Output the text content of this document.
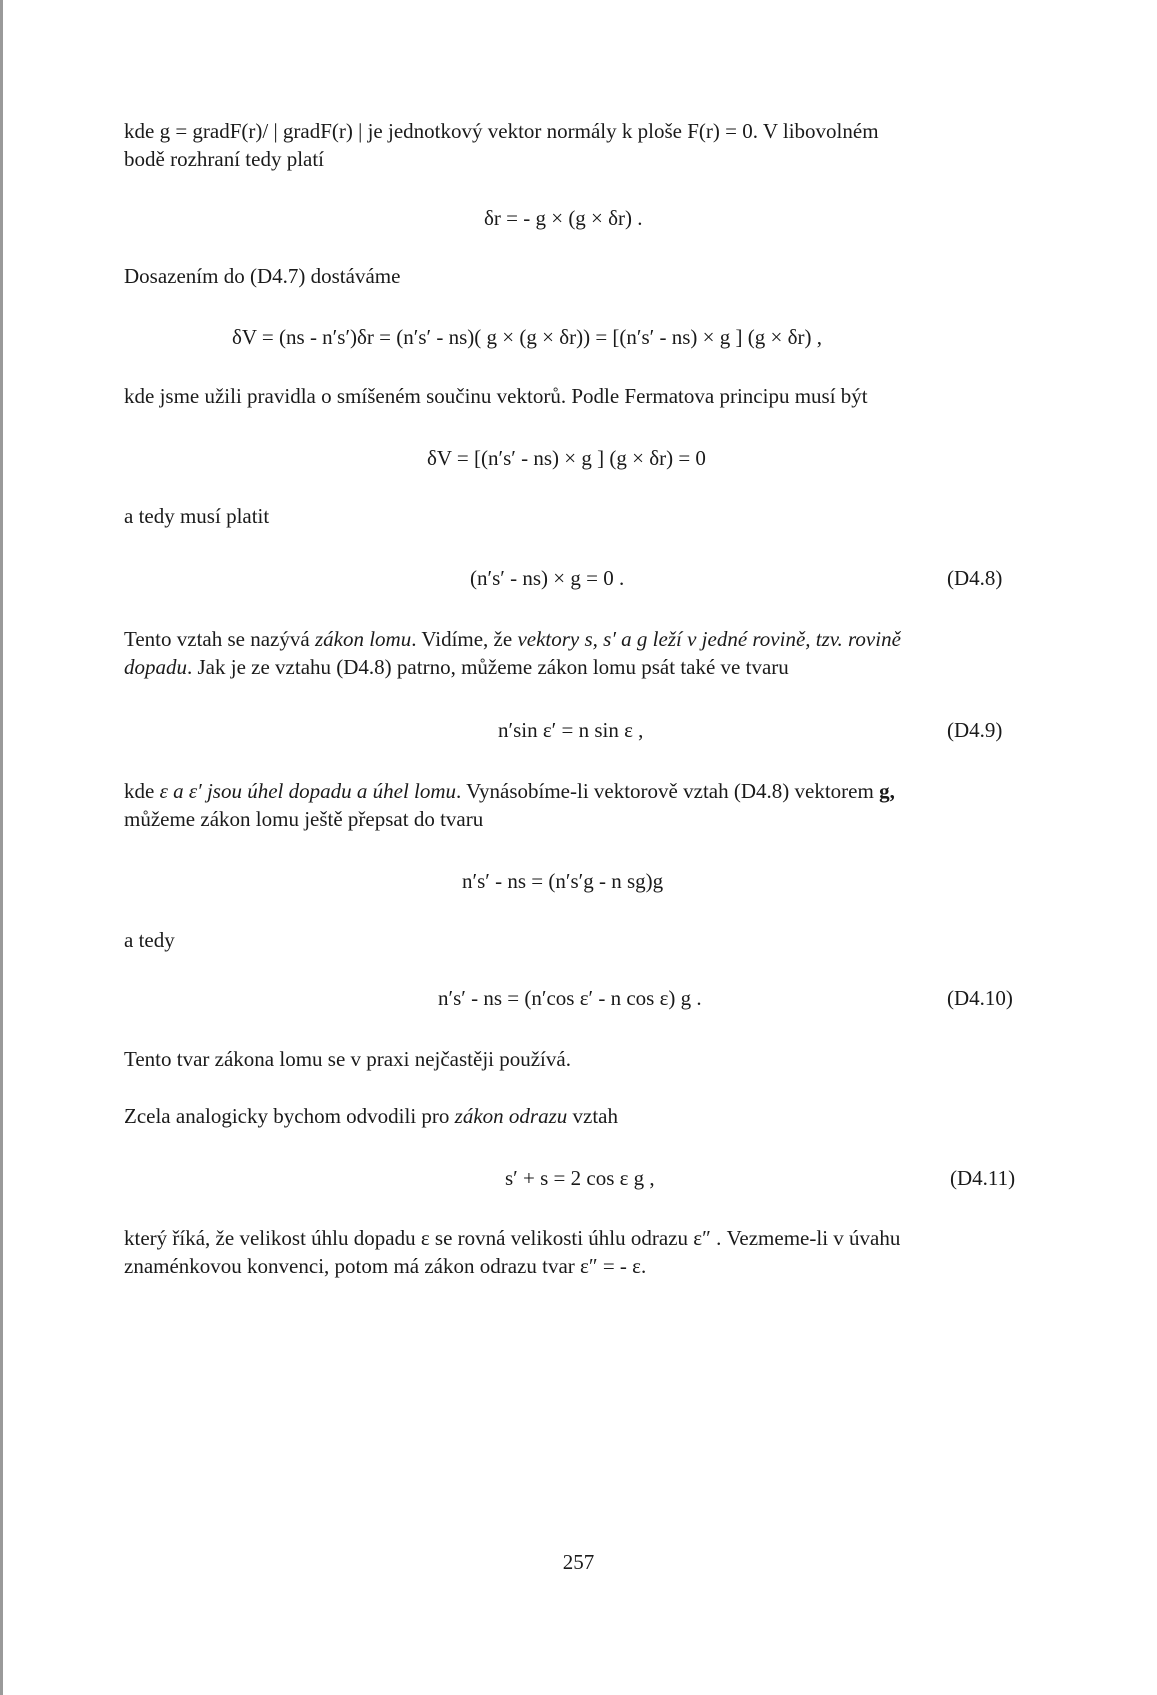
kde g = gradF(r)/ | gradF(r) | je jednotkový vektor normály k ploše F(r) = 0. V libovolném
bodě rozhraní tedy platí
δr = - g × (g × δr) .
Dosazením do (D4.7) dostáváme
δV = (ns - n′s′)δr = (n′s′ - ns)( g × (g × δr)) = [(n′s′ - ns) × g ] (g × δr) ,
kde jsme užili pravidla o smíšeném součinu vektorů. Podle Fermatova principu musí být
δV = [(n′s′ - ns) × g ] (g × δr) = 0
a tedy musí platit
(n′s′ - ns) × g = 0 .	(D4.8)
Tento vztah se nazývá zákon lomu. Vidíme, že vektory s, s′ a g leží v jedné rovině, tzv. rovině
dopadu. Jak je ze vztahu (D4.8) patrno, můžeme zákon lomu psát také ve tvaru
n′sin ε′ = n sin ε ,	(D4.9)
kde ε a ε′ jsou úhel dopadu a úhel lomu. Vynásobíme-li vektorově vztah (D4.8) vektorem g,
můžeme zákon lomu ještě přepsat do tvaru
n′s′ - ns = (n′s′g - n sg)g
a tedy
n′s′ - ns = (n′cos ε′ - n cos ε) g .	(D4.10)
Tento tvar zákona lomu se v praxi nejčastěji používá.
Zcela analogicky bychom odvodili pro zákon odrazu vztah
s′ + s = 2 cos ε g ,	(D4.11)
který říká, že velikost úhlu dopadu ε se rovná velikosti úhlu odrazu ε″ . Vezmeme-li v úvahu
znaménkovou konvenci, potom má zákon odrazu tvar ε″ = - ε.
257
